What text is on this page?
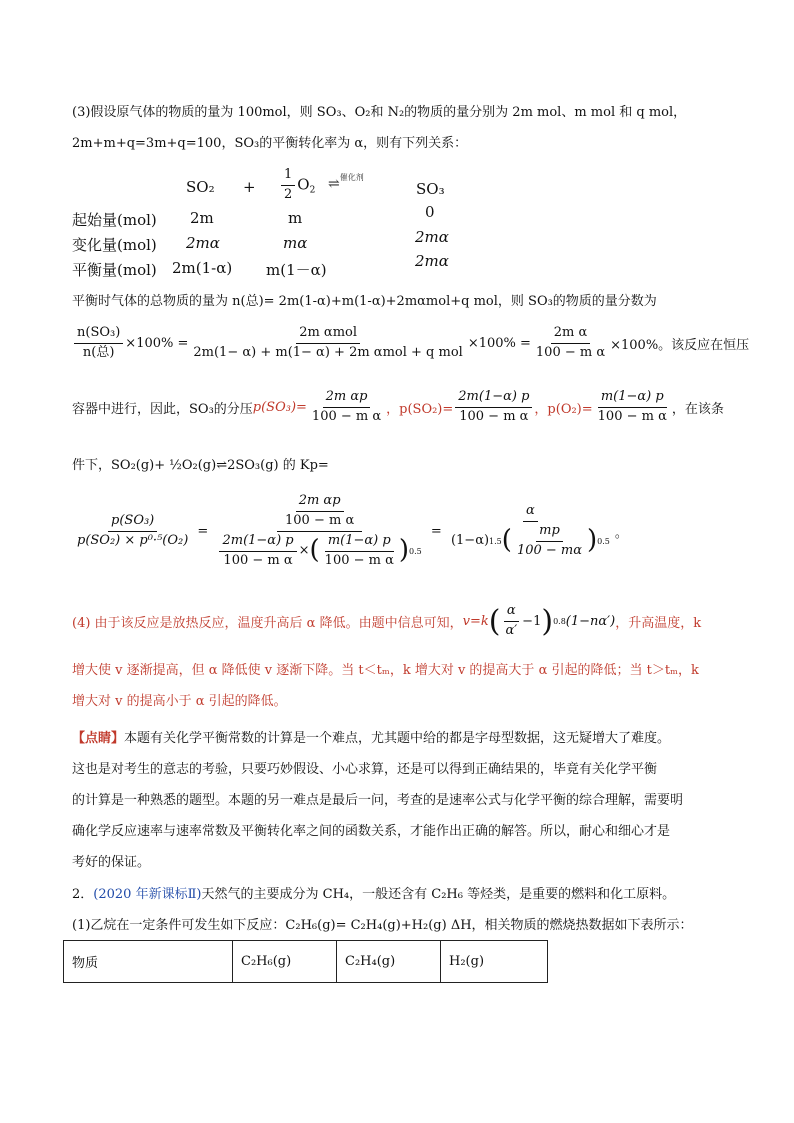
(3)假设原气体的物质的量为 100mol，则 SO₃、O₂和 N₂的物质的量分别为 2m mol、m mol 和 q mol，
2m+m+q=3m+q=100，SO₃的平衡转化率为 α，则有下列关系：
$SO_2 + \frac{1}{2} O_2$ ⇌催化剂
SO₃
起始量(mol) 2m	m	0
变化量(mol) 2mα	mα	2mα
平衡量(mol) 2m(1-α) m(1－α)	2mα
平衡时气体的总物质的量为 n(总)= 2m(1-α)+m(1-α)+2mαmol+q mol，则 SO₃的物质的量分数为
$\frac{\text{n(SO₃)}}{\text{n(总)}} \times 100\% = \frac{\text{2m αmol}}{\text{2m(1− α) + m(1− α) + 2m αmol + q mol}} \times 100\% = \frac{\text{2m α}}{\text{100 − m α}} \times 100\%$。该反应在恒压
容器中进行，因此，SO₃的分压 $p(SO_3)= \frac{\text{2m αp}}{\text{100 − m α}}$ ，$p(SO_2)= \frac{2m(1-\alpha) p}{\text{100 − m α}}$ ，$p(O_2)= \frac{m(1-\alpha) p}{\text{100 − m α}}$ ，在该条
件下，SO₂(g)+ ½O₂(g)⇌2SO₃(g) 的 Kp=
$\frac{\text{p(SO₃)}}{\text{p(SO₂) × p⁰·⁵(O₂)}}$ =
$\frac{\text{2m αp}}{\text{100 − m α}}$
$\frac{2m(1-\alpha) p}{\text{100 − m α}}$ × ( $\frac{m(1-\alpha) p}{\text{100 − m α}}$ ) 0.5
= $\frac{\alpha}{(1-\alpha) 1.5 ( \frac{mp}{100 - m\alpha} ) 0.5}$ 。
(4) 由于该反应是放热反应，温度升高后 α 降低。由题中信息可知， v=k ( $\frac{\alpha}{\alpha'} -1$ ) 0.8 (1−nα′) ，升高温度，k
增大使 v 逐渐提高，但 α 降低使 v 逐渐下降。当 t＜tₘ，k 增大对 v 的提高大于 α 引起的降低；当 t＞tₘ，k
增大对 v 的提高小于 α 引起的降低。
【点睛】本题有关化学平衡常数的计算是一个难点，尤其题中给的都是字母型数据，这无疑增大了难度。
这也是对考生的意志的考验，只要巧妙假设、小心求算，还是可以得到正确结果的，毕竟有关化学平衡
的计算是一种熟悉的题型。本题的另一难点是最后一问，考查的是速率公式与化学平衡的综合理解，需要明
确化学反应速率与速率常数及平衡转化率之间的函数关系，才能作出正确的解答。所以，耐心和细心才是
考好的保证。
2．(2020 年新课标Ⅱ)天然气的主要成分为 CH₄，一般还含有 C₂H₆ 等烃类，是重要的燃料和化工原料。
(1)乙烷在一定条件可发生如下反应：C₂H₆(g)= C₂H₄(g)+H₂(g) ΔH，相关物质的燃烧热数据如下表所示：
物质	C₂H₆(g)	C₂H₄(g)	H₂(g)
